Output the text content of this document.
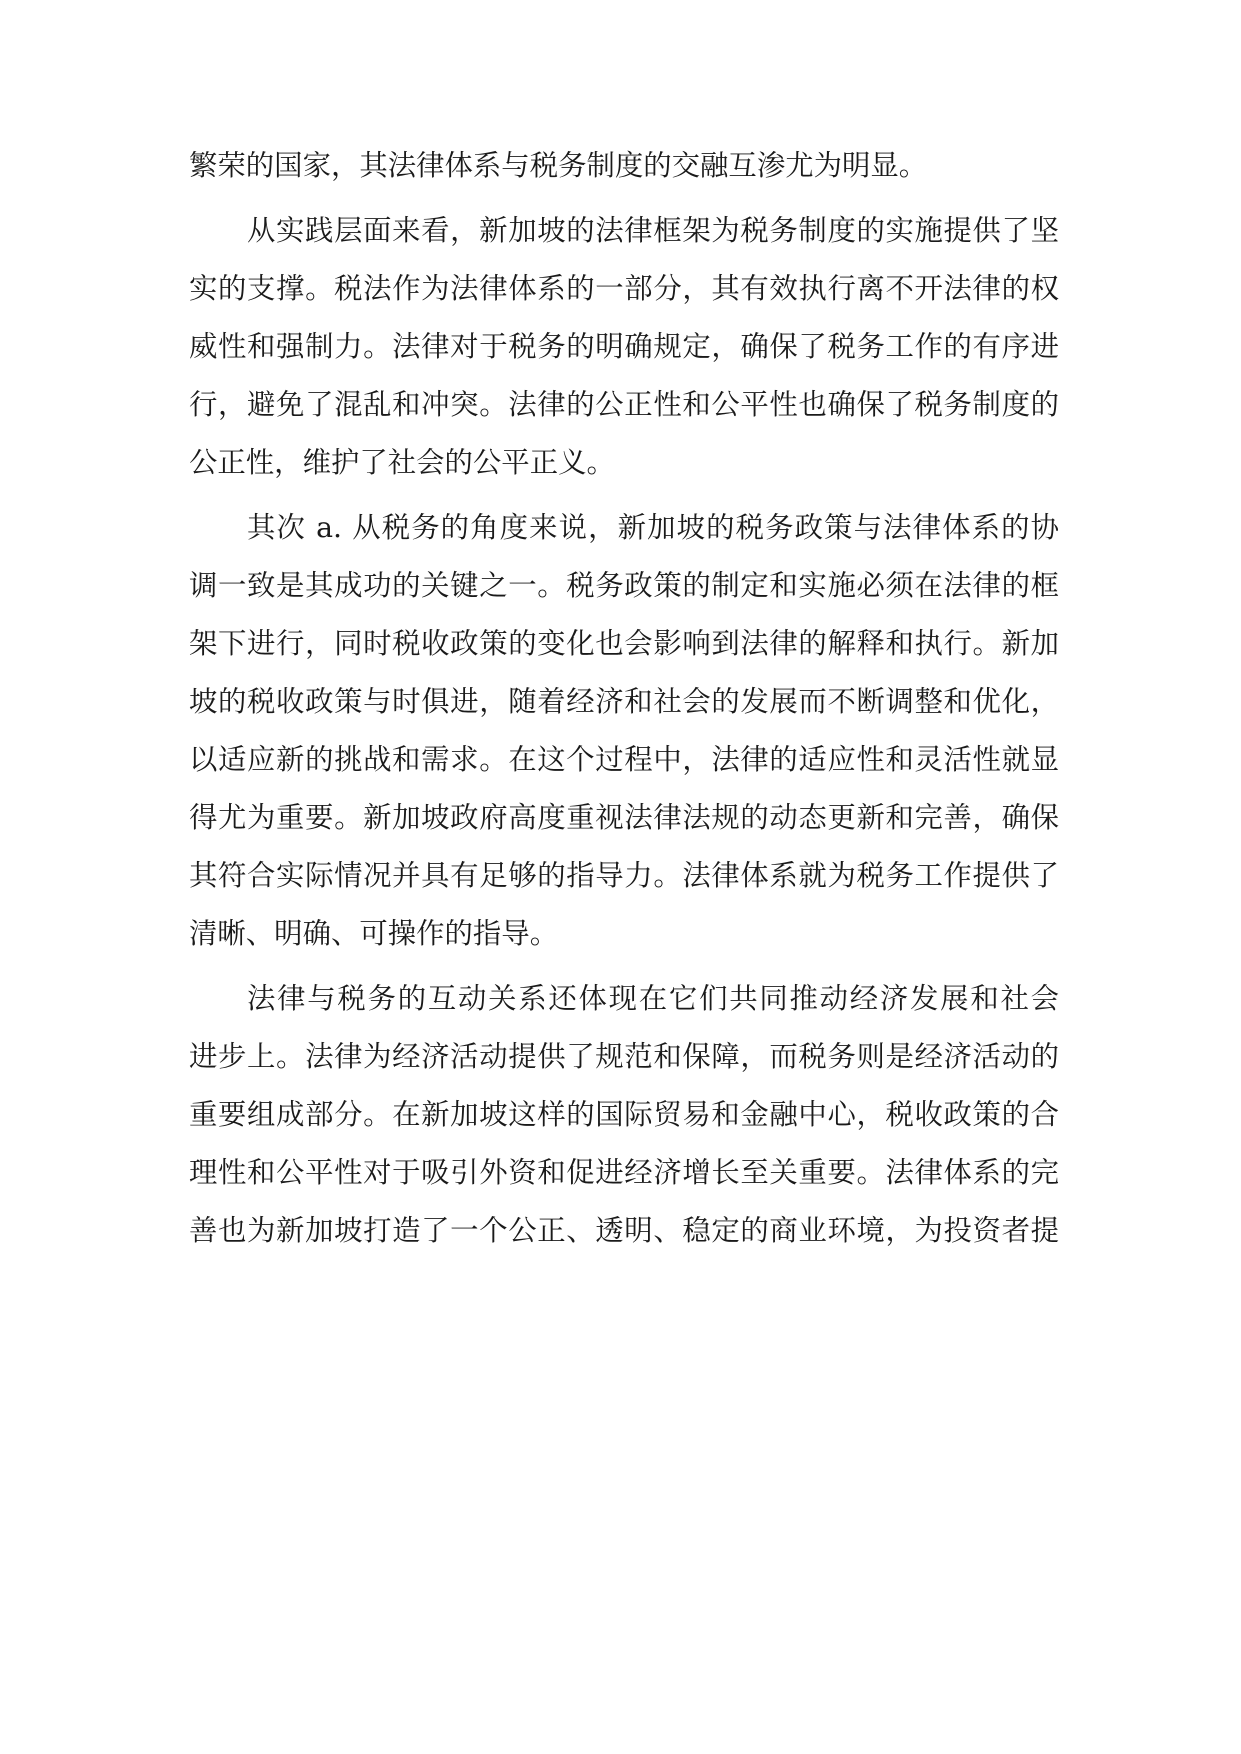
繁荣的国家，其法律体系与税务制度的交融互渗尤为明显。
从实践层面来看，新加坡的法律框架为税务制度的实施提供了坚
实的支撑。税法作为法律体系的一部分，其有效执行离不开法律的权
威性和强制力。法律对于税务的明确规定，确保了税务工作的有序进
行，避免了混乱和冲突。法律的公正性和公平性也确保了税务制度的
公正性，维护了社会的公平正义。
其次 a. 从税务的角度来说，新加坡的税务政策与法律体系的协
调一致是其成功的关键之一。税务政策的制定和实施必须在法律的框
架下进行，同时税收政策的变化也会影响到法律的解释和执行。新加
坡的税收政策与时俱进，随着经济和社会的发展而不断调整和优化，
以适应新的挑战和需求。在这个过程中，法律的适应性和灵活性就显
得尤为重要。新加坡政府高度重视法律法规的动态更新和完善，确保
其符合实际情况并具有足够的指导力。法律体系就为税务工作提供了
清晰、明确、可操作的指导。
法律与税务的互动关系还体现在它们共同推动经济发展和社会
进步上。法律为经济活动提供了规范和保障，而税务则是经济活动的
重要组成部分。在新加坡这样的国际贸易和金融中心，税收政策的合
理性和公平性对于吸引外资和促进经济增长至关重要。法律体系的完
善也为新加坡打造了一个公正、透明、稳定的商业环境，为投资者提
